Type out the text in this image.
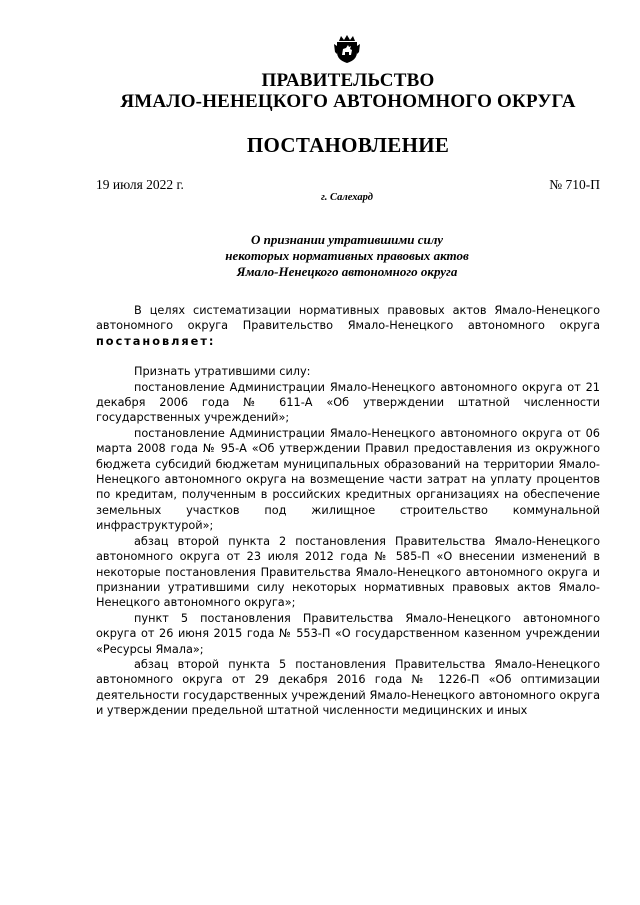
ПРАВИТЕЛЬСТВО
ЯМАЛО-НЕНЕЦКОГО АВТОНОМНОГО ОКРУГА
ПОСТАНОВЛЕНИЕ
19 июля 2022 г.	№ 710-П
г. Салехард
О признании утратившими силу
некоторых нормативных правовых актов
Ямало-Ненецкого автономного округа

В целях систематизации нормативных правовых актов Ямало-Ненецкого автономного округа Правительство Ямало-Ненецкого автономного округа постановляет:

Признать утратившими силу:

постановление Администрации Ямало-Ненецкого автономного округа от 21 декабря 2006 года № 611-А «Об утверждении штатной численности государственных учреждений»;

постановление Администрации Ямало-Ненецкого автономного округа от 06 марта 2008 года № 95-А «Об утверждении Правил предоставления из окружного бюджета субсидий бюджетам муниципальных образований на территории Ямало-Ненецкого автономного округа на возмещение части затрат на уплату процентов по кредитам, полученным в российских кредитных организациях на обеспечение земельных участков под жилищное строительство коммунальной инфраструктурой»;

абзац второй пункта 2 постановления Правительства Ямало-Ненецкого автономного округа от 23 июля 2012 года № 585-П «О внесении изменений в некоторые постановления Правительства Ямало-Ненецкого автономного округа и признании утратившими силу некоторых нормативных правовых актов Ямало-Ненецкого автономного округа»;

пункт 5 постановления Правительства Ямало-Ненецкого автономного округа от 26 июня 2015 года № 553-П «О государственном казенном учреждении «Ресурсы Ямала»;

абзац второй пункта 5 постановления Правительства Ямало-Ненецкого автономного округа от 29 декабря 2016 года № 1226-П «Об оптимизации деятельности государственных учреждений Ямало-Ненецкого автономного округа и утверждении предельной штатной численности медицинских и иных
